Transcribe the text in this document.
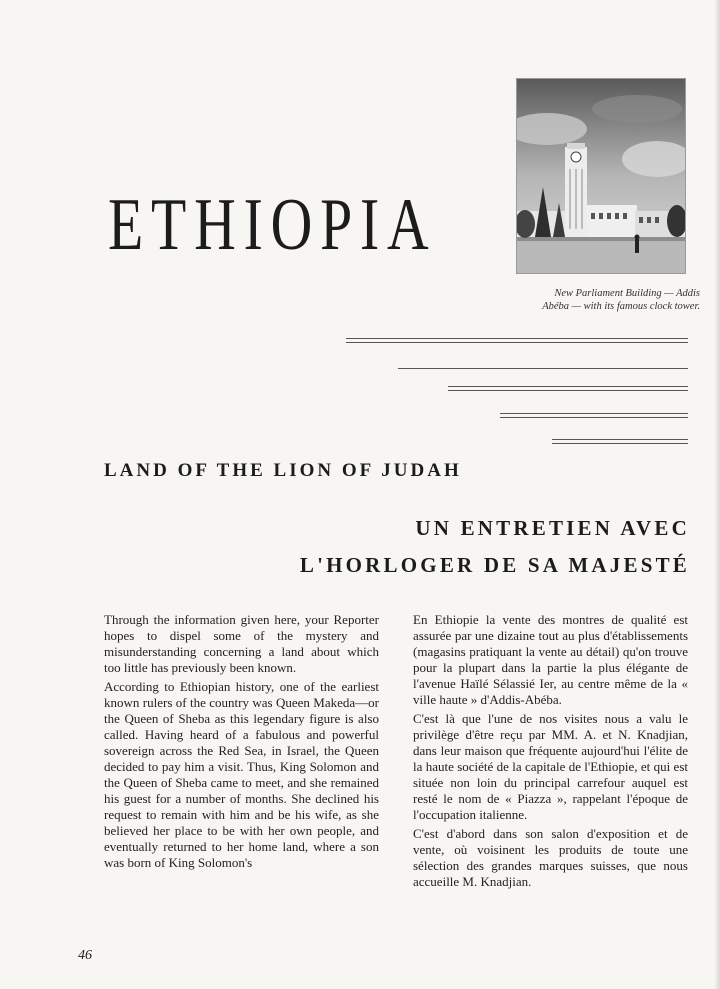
ETHIOPIA
New Parliament Building — Addis
Abéba — with its famous clock tower.
LAND OF THE LION OF JUDAH
UN ENTRETIEN AVEC
L'HORLOGER DE SA MAJESTÉ

Through the information given here, your Reporter hopes to dispel some of the mystery and misunderstanding concerning a land about which too little has previously been known.

According to Ethiopian history, one of the earliest known rulers of the country was Queen Makeda—or the Queen of Sheba as this legendary figure is also called. Having heard of a fabulous and powerful sovereign across the Red Sea, in Israel, the Queen decided to pay him a visit. Thus, King Solomon and the Queen of Sheba came to meet, and she remained his guest for a number of months. She declined his request to remain with him and be his wife, as she believed her place to be with her own people, and eventually returned to her home land, where a son was born of King Solomon's

En Ethiopie la vente des montres de qualité est assurée par une dizaine tout au plus d'établissements (magasins pratiquant la vente au détail) qu'on trouve pour la plupart dans la partie la plus élégante de l'avenue Haïlé Sélassié Ier, au centre même de la « ville haute » d'Addis-Abéba.

C'est là que l'une de nos visites nous a valu le privilège d'être reçu par MM. A. et N. Knadjian, dans leur maison que fréquente aujourd'hui l'élite de la haute société de la capitale de l'Ethiopie, et qui est située non loin du principal carrefour auquel est resté le nom de « Piazza », rappelant l'époque de l'occupation italienne.

C'est d'abord dans son salon d'exposition et de vente, où voisinent les produits de toute une sélection des grandes marques suisses, que nous accueille M. Knadjian.

46
